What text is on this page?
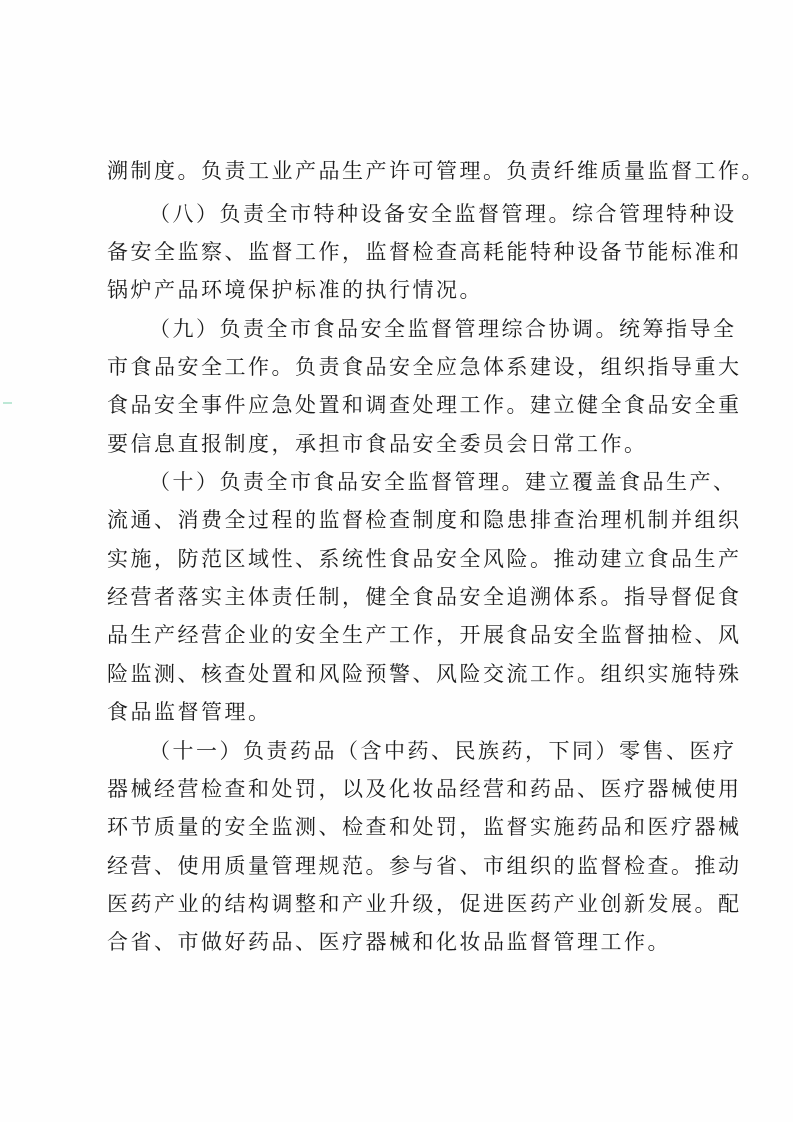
溯制度。负责工业产品生产许可管理。负责纤维质量监督工作。

（八）负责全市特种设备安全监督管理。综合管理特种设

备安全监察、监督工作，监督检查高耗能特种设备节能标准和

锅炉产品环境保护标准的执行情况。

（九）负责全市食品安全监督管理综合协调。统筹指导全

市食品安全工作。负责食品安全应急体系建设，组织指导重大

食品安全事件应急处置和调查处理工作。建立健全食品安全重

要信息直报制度，承担市食品安全委员会日常工作。

（十）负责全市食品安全监督管理。建立覆盖食品生产、

流通、消费全过程的监督检查制度和隐患排查治理机制并组织

实施，防范区域性、系统性食品安全风险。推动建立食品生产

经营者落实主体责任制，健全食品安全追溯体系。指导督促食

品生产经营企业的安全生产工作，开展食品安全监督抽检、风

险监测、核查处置和风险预警、风险交流工作。组织实施特殊

食品监督管理。

（十一）负责药品（含中药、民族药，下同）零售、医疗

器械经营检查和处罚，以及化妆品经营和药品、医疗器械使用

环节质量的安全监测、检查和处罚，监督实施药品和医疗器械

经营、使用质量管理规范。参与省、市组织的监督检查。推动

医药产业的结构调整和产业升级，促进医药产业创新发展。配

合省、市做好药品、医疗器械和化妆品监督管理工作。
